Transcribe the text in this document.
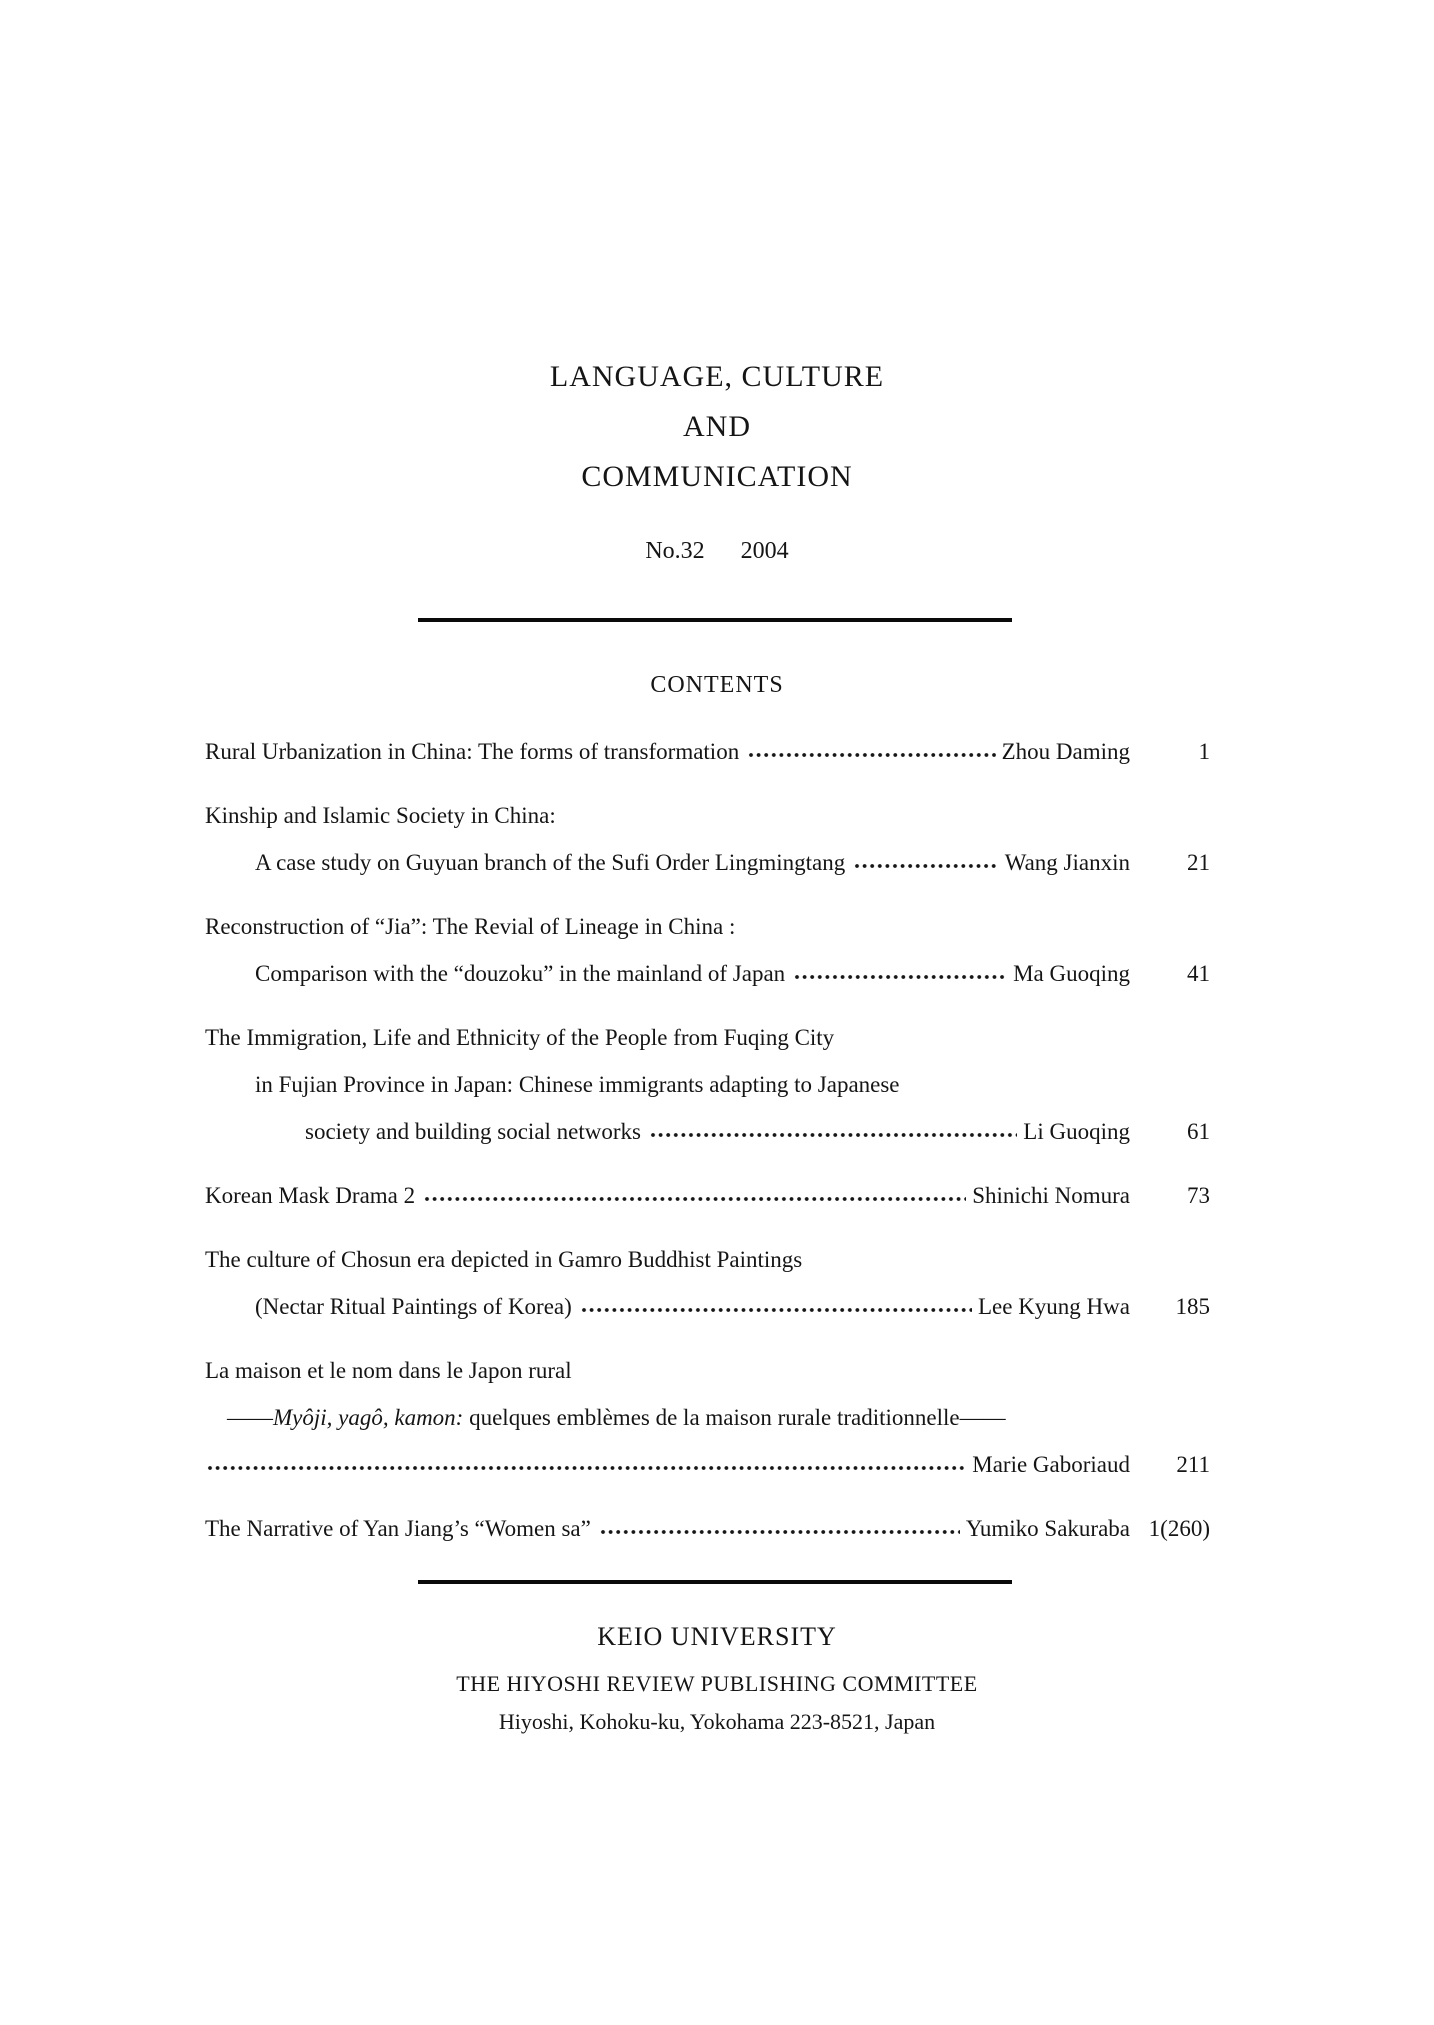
LANGUAGE, CULTURE
AND
COMMUNICATION
No.32 2004
CONTENTS
Rural Urbanization in China: The forms of transformation	Zhou Daming	1
Kinship and Islamic Society in China:
A case study on Guyuan branch of the Sufi Order Lingmingtang	Wang Jianxin	21
Reconstruction of “Jia”: The Revial of Lineage in China :
Comparison with the “douzoku” in the mainland of Japan	Ma Guoqing	41
The Immigration, Life and Ethnicity of the People from Fuqing City
in Fujian Province in Japan: Chinese immigrants adapting to Japanese
society and building social networks	Li Guoqing	61
Korean Mask Drama 2	Shinichi Nomura	73
The culture of Chosun era depicted in Gamro Buddhist Paintings
(Nectar Ritual Paintings of Korea)	Lee Kyung Hwa	185
La maison et le nom dans le Japon rural
——Myôji, yagô, kamon: quelques emblèmes de la maison rurale traditionnelle——
Marie Gaboriaud	211
The Narrative of Yan Jiang’s “Women sa”	Yumiko Sakuraba 1(260)
KEIO UNIVERSITY
THE HIYOSHI REVIEW PUBLISHING COMMITTEE
Hiyoshi, Kohoku-ku, Yokohama 223-8521, Japan
